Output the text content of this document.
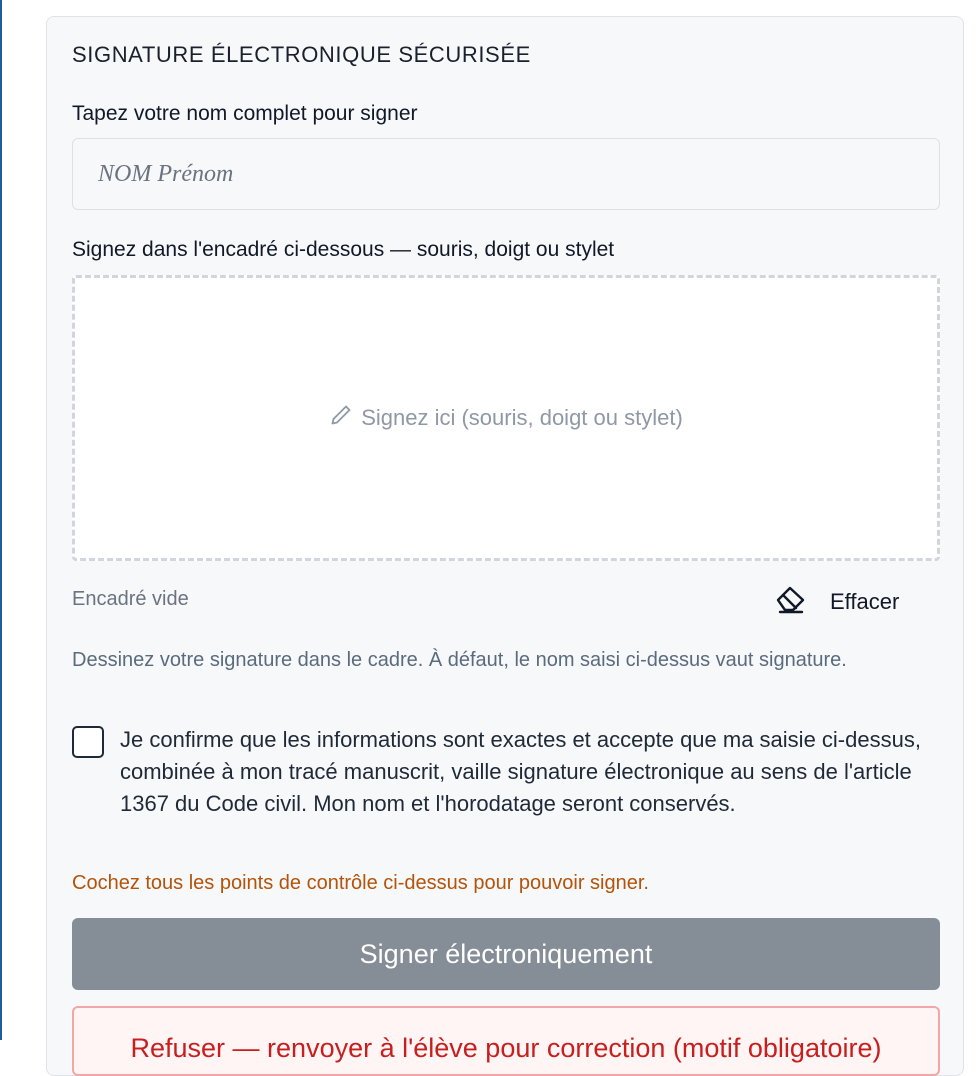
SIGNATURE ÉLECTRONIQUE SÉCURISÉE
Tapez votre nom complet pour signer
NOM Prénom
Signez dans l'encadré ci-dessous — souris, doigt ou stylet
Signez ici (souris, doigt ou stylet)
Encadré vide	Effacer
Dessinez votre signature dans le cadre. À défaut, le nom saisi ci-dessus vaut signature.
Je confirme que les informations sont exactes et accepte que ma saisie ci-dessus, combinée à mon tracé manuscrit, vaille signature électronique au sens de l'article 1367 du Code civil. Mon nom et l'horodatage seront conservés.
Cochez tous les points de contrôle ci-dessus pour pouvoir signer.
Signer électroniquement
Refuser — renvoyer à l'élève pour correction (motif obligatoire)
